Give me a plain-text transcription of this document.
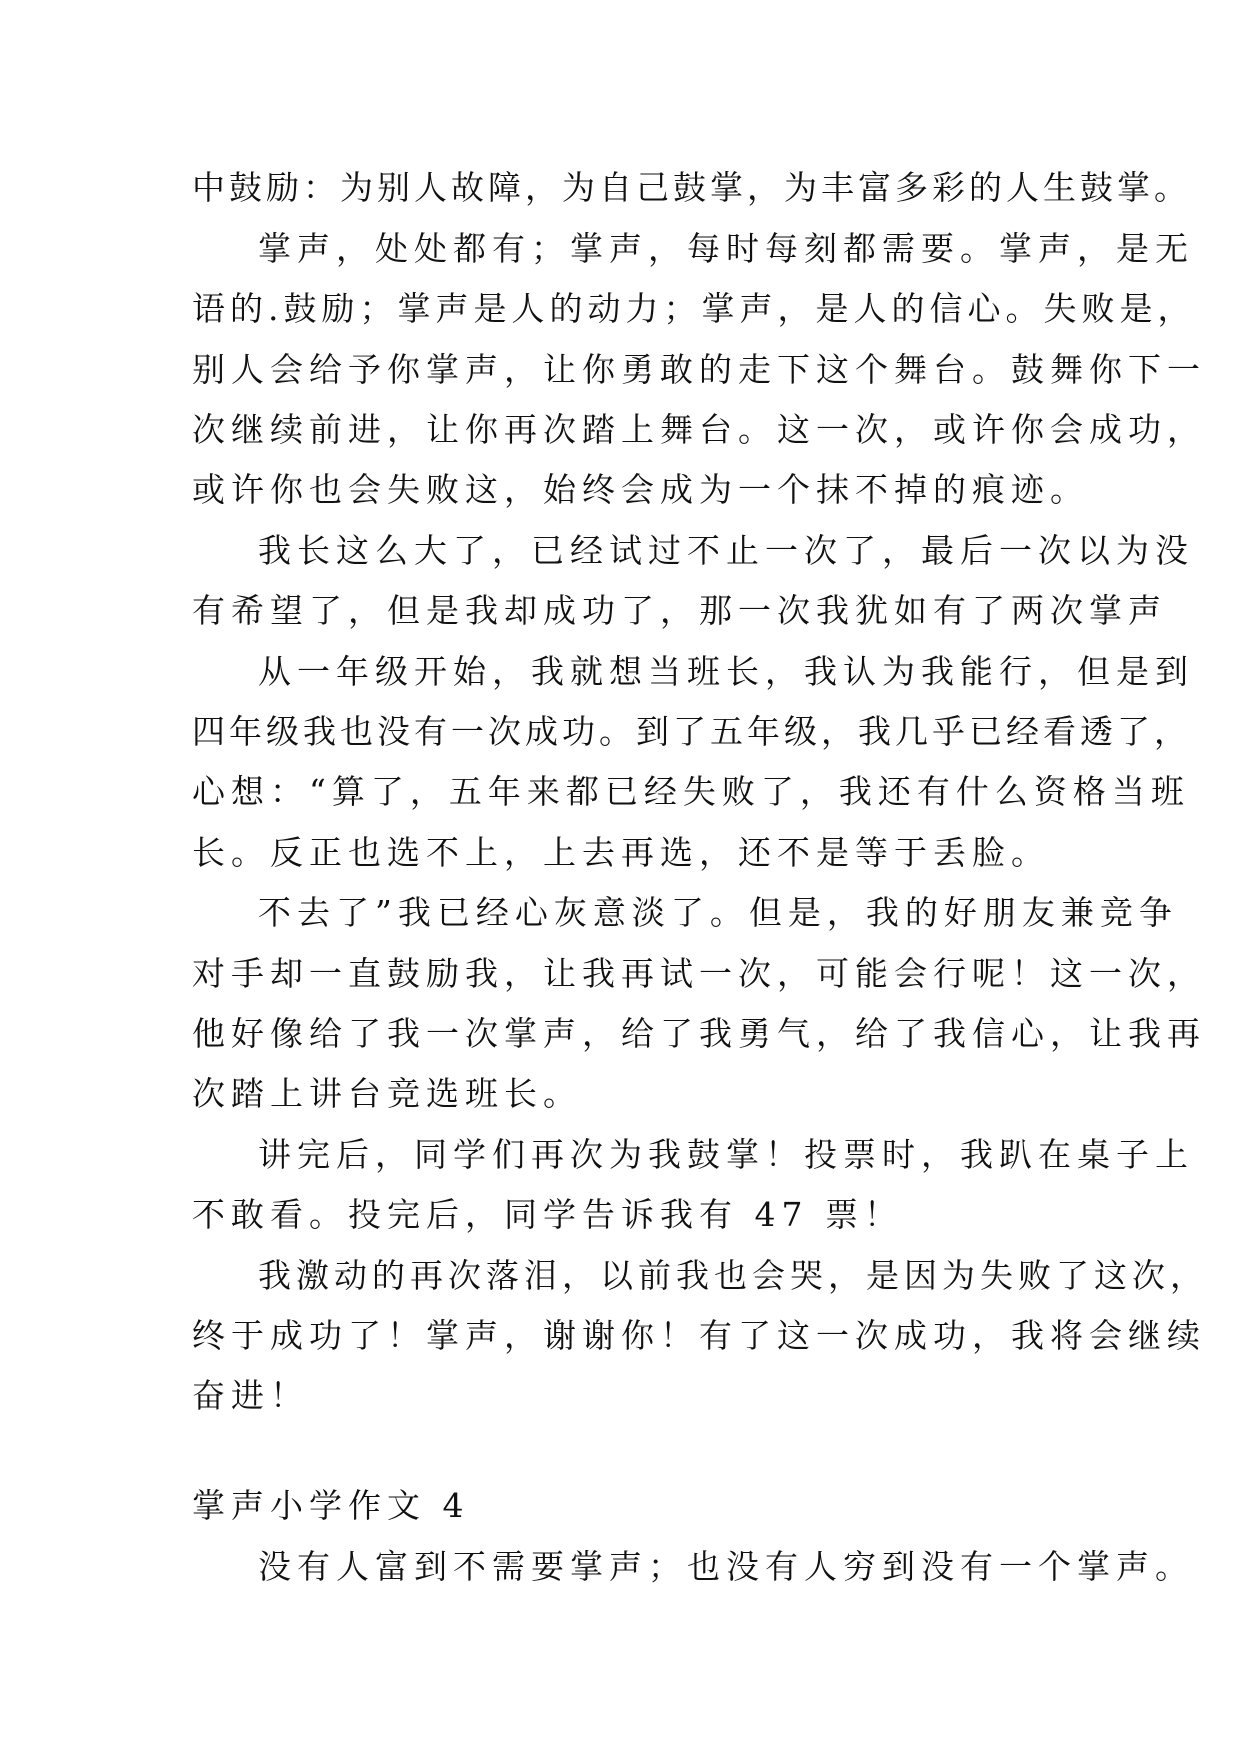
中鼓励：为别人故障，为自己鼓掌，为丰富多彩的人生鼓掌。
掌声，处处都有；掌声，每时每刻都需要。掌声，是无
语的.鼓励；掌声是人的动力；掌声，是人的信心。失败是，
别人会给予你掌声，让你勇敢的走下这个舞台。鼓舞你下一
次继续前进，让你再次踏上舞台。这一次，或许你会成功，
或许你也会失败这，始终会成为一个抹不掉的痕迹。
我长这么大了，已经试过不止一次了，最后一次以为没
有希望了，但是我却成功了，那一次我犹如有了两次掌声
从一年级开始，我就想当班长，我认为我能行，但是到
四年级我也没有一次成功。到了五年级，我几乎已经看透了，
心想：“算了，五年来都已经失败了，我还有什么资格当班
长。反正也选不上，上去再选，还不是等于丢脸。
不去了”我已经心灰意淡了。但是，我的好朋友兼竞争
对手却一直鼓励我，让我再试一次，可能会行呢！这一次，
他好像给了我一次掌声，给了我勇气，给了我信心，让我再
次踏上讲台竞选班长。
讲完后，同学们再次为我鼓掌！投票时，我趴在桌子上
不敢看。投完后，同学告诉我有 47 票！
我激动的再次落泪，以前我也会哭，是因为失败了这次，
终于成功了！掌声，谢谢你！有了这一次成功，我将会继续
奋进！
掌声小学作文 4
没有人富到不需要掌声；也没有人穷到没有一个掌声。
